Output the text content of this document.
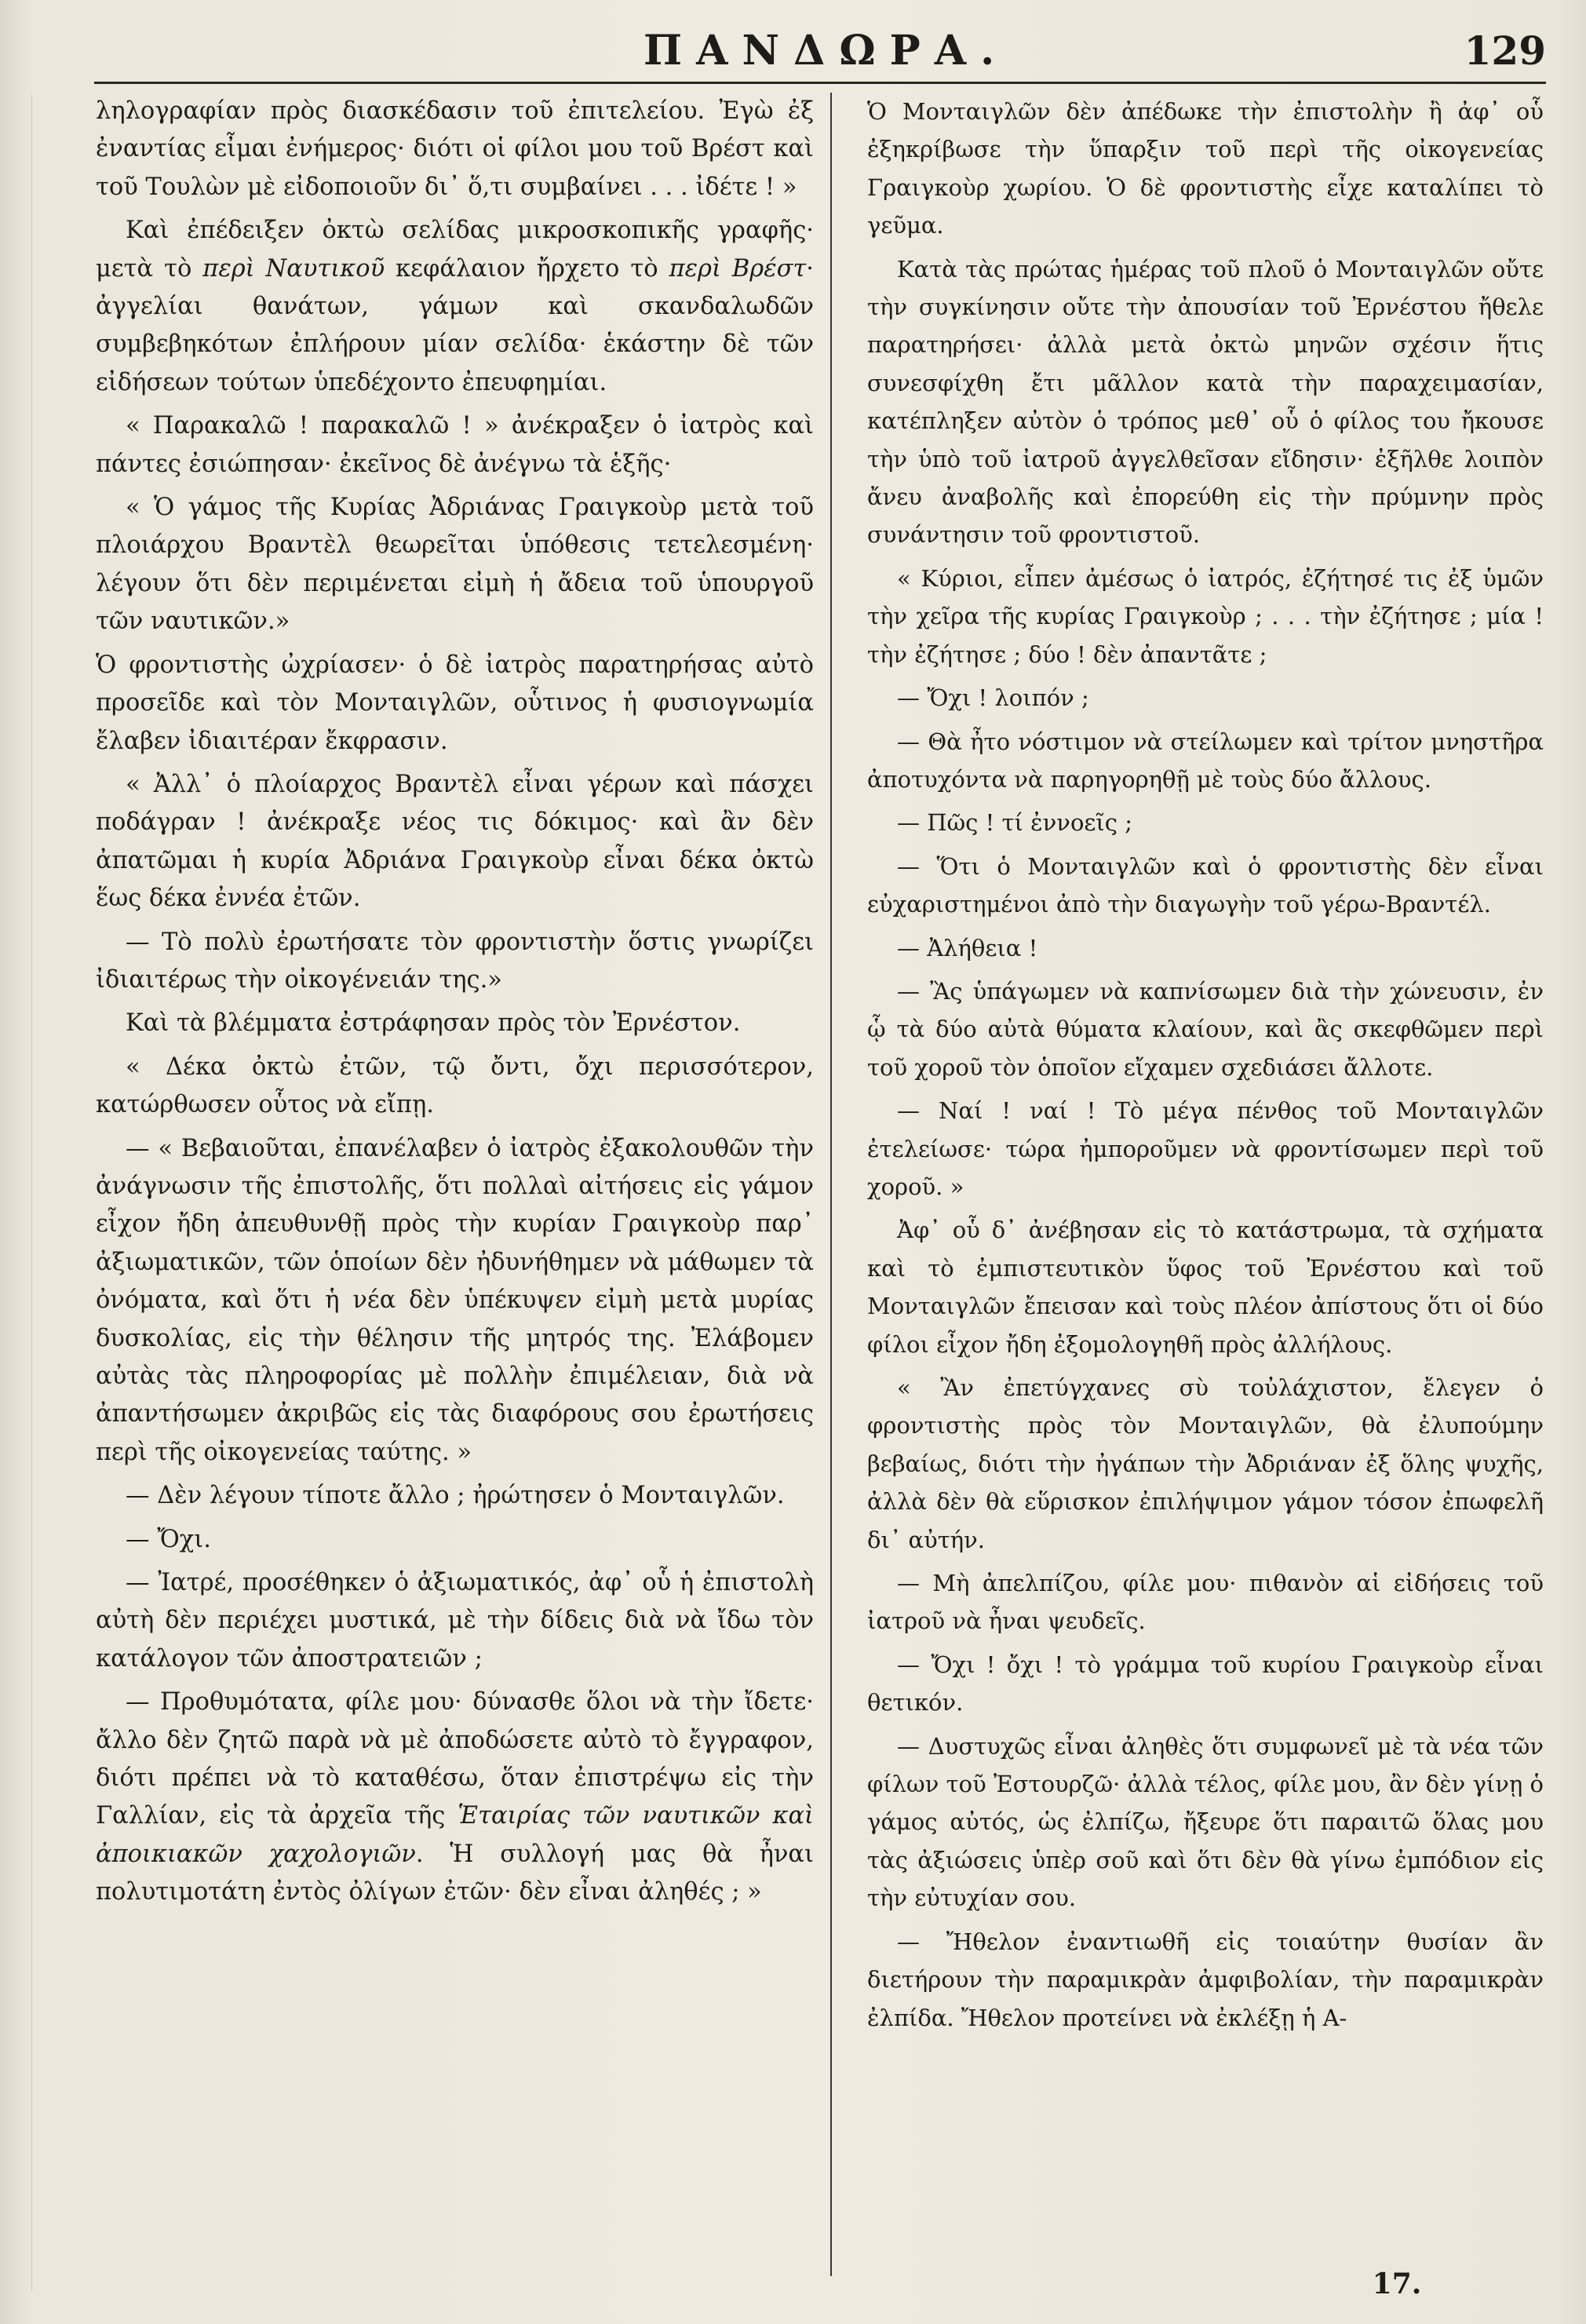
ΠΑΝΔΩΡΑ.	129

ληλογραφίαν πρὸς διασκέδασιν τοῦ ἐπιτελείου. Ἐγὼ ἐξ ἐναντίας εἶμαι ἐνήμερος· διότι οἱ φίλοι μου τοῦ Βρέστ καὶ τοῦ Τουλὼν μὲ εἰδοποιοῦν δι᾽ ὅ,τι συμβαίνει . . . ἰδέτε ! »

Καὶ ἐπέδειξεν ὀκτὼ σελίδας μικροσκοπικῆς γραφῆς· μετὰ τὸ περὶ Ναυτικοῦ κεφάλαιον ἤρχετο τὸ περὶ Βρέστ· ἀγγελίαι θανάτων, γάμων καὶ σκανδαλωδῶν συμβεβηκότων ἐπλήρουν μίαν σελίδα· ἑκάστην δὲ τῶν εἰδήσεων τούτων ὑπεδέχοντο ἐπευφημίαι.

« Παρακαλῶ ! παρακαλῶ ! » ἀνέκραξεν ὁ ἰατρὸς καὶ πάντες ἐσιώπησαν· ἐκεῖνος δὲ ἀνέγνω τὰ ἑξῆς·

« Ὁ γάμος τῆς Κυρίας Ἀδριάνας Γραιγκοὺρ μετὰ τοῦ πλοιάρχου Βραντὲλ θεωρεῖται ὑπόθεσις τετελεσμένη· λέγουν ὅτι δὲν περιμένεται εἰμὴ ἡ ἄδεια τοῦ ὑπουργοῦ τῶν ναυτικῶν.»

Ὁ φροντιστὴς ὠχρίασεν· ὁ δὲ ἰατρὸς παρατηρήσας αὐτὸ προσεῖδε καὶ τὸν Μονταιγλῶν, οὗτινος ἡ φυσιογνωμία ἔλαβεν ἰδιαιτέραν ἔκφρασιν.

« Ἀλλ᾽ ὁ πλοίαρχος Βραντὲλ εἶναι γέρων καὶ πάσχει ποδάγραν ! ἀνέκραξε νέος τις δόκιμος· καὶ ἂν δὲν ἀπατῶμαι ἡ κυρία Ἀδριάνα Γραιγκοὺρ εἶναι δέκα ὀκτὼ ἕως δέκα ἐννέα ἐτῶν.

— Τὸ πολὺ ἐρωτήσατε τὸν φροντιστὴν ὅστις γνωρίζει ἰδιαιτέρως τὴν οἰκογένειάν της.»

Καὶ τὰ βλέμματα ἐστράφησαν πρὸς τὸν Ἐρνέστον.

« Δέκα ὀκτὼ ἐτῶν, τῷ ὄντι, ὄχι περισσότερον, κατώρθωσεν οὗτος νὰ εἴπῃ.

— « Βεβαιοῦται, ἐπανέλαβεν ὁ ἰατρὸς ἐξακολουθῶν τὴν ἀνάγνωσιν τῆς ἐπιστολῆς, ὅτι πολλαὶ αἰτήσεις εἰς γάμον εἶχον ἤδη ἀπευθυνθῇ πρὸς τὴν κυρίαν Γραιγκοὺρ παρ᾽ ἀξιωματικῶν, τῶν ὁποίων δὲν ἠδυνήθημεν νὰ μάθωμεν τὰ ὀνόματα, καὶ ὅτι ἡ νέα δὲν ὑπέκυψεν εἰμὴ μετὰ μυρίας δυσκολίας, εἰς τὴν θέλησιν τῆς μητρός της. Ἐλάβομεν αὐτὰς τὰς πληροφορίας μὲ πολλὴν ἐπιμέλειαν, διὰ νὰ ἀπαντήσωμεν ἀκριβῶς εἰς τὰς διαφόρους σου ἐρωτήσεις περὶ τῆς οἰκογενείας ταύτης. »

— Δὲν λέγουν τίποτε ἄλλο ; ἠρώτησεν ὁ Μονταιγλῶν.

— Ὄχι.

— Ἰατρέ, προσέθηκεν ὁ ἀξιωματικός, ἀφ᾽ οὗ ἡ ἐπιστολὴ αὐτὴ δὲν περιέχει μυστικά, μὲ τὴν δίδεις διὰ νὰ ἴδω τὸν κατάλογον τῶν ἀποστρατειῶν ;

— Προθυμότατα, φίλε μου· δύνασθε ὅλοι νὰ τὴν ἴδετε· ἄλλο δὲν ζητῶ παρὰ νὰ μὲ ἀποδώσετε αὐτὸ τὸ ἔγγραφον, διότι πρέπει νὰ τὸ καταθέσω, ὅταν ἐπιστρέψω εἰς τὴν Γαλλίαν, εἰς τὰ ἀρχεῖα τῆς Ἑταιρίας τῶν ναυτικῶν καὶ ἀποικιακῶν χαχολογιῶν. Ἡ συλλογή μας θὰ ἦναι πολυτιμοτάτη ἐντὸς ὀλίγων ἐτῶν· δὲν εἶναι ἀληθές ; »

Ὁ Μονταιγλῶν δὲν ἀπέδωκε τὴν ἐπιστολὴν ἢ ἀφ᾽ οὗ ἐξηκρίβωσε τὴν ὕπαρξιν τοῦ περὶ τῆς οἰκογενείας Γραιγκοὺρ χωρίου. Ὁ δὲ φροντιστὴς εἶχε καταλίπει τὸ γεῦμα.

Κατὰ τὰς πρώτας ἡμέρας τοῦ πλοῦ ὁ Μονταιγλῶν οὔτε τὴν συγκίνησιν οὔτε τὴν ἀπουσίαν τοῦ Ἐρνέστου ἤθελε παρατηρήσει· ἀλλὰ μετὰ ὀκτὼ μηνῶν σχέσιν ἥτις συνεσφίχθη ἔτι μᾶλλον κατὰ τὴν παραχειμασίαν, κατέπληξεν αὐτὸν ὁ τρόπος μεθ᾽ οὗ ὁ φίλος του ἤκουσε τὴν ὑπὸ τοῦ ἰατροῦ ἀγγελθεῖσαν εἴδησιν· ἐξῆλθε λοιπὸν ἄνευ ἀναβολῆς καὶ ἐπορεύθη εἰς τὴν πρύμνην πρὸς συνάντησιν τοῦ φροντιστοῦ.

« Κύριοι, εἶπεν ἀμέσως ὁ ἰατρός, ἐζήτησέ τις ἐξ ὑμῶν τὴν χεῖρα τῆς κυρίας Γραιγκοὺρ ; . . . τὴν ἐζήτησε ; μία ! τὴν ἐζήτησε ; δύο ! δὲν ἀπαντᾶτε ;

— Ὄχι ! λοιπόν ;

— Θὰ ἦτο νόστιμον νὰ στείλωμεν καὶ τρίτον μνηστῆρα ἀποτυχόντα νὰ παρηγορηθῇ μὲ τοὺς δύο ἄλλους.

— Πῶς ! τί ἐννοεῖς ;

— Ὅτι ὁ Μονταιγλῶν καὶ ὁ φροντιστὴς δὲν εἶναι εὐχαριστημένοι ἀπὸ τὴν διαγωγὴν τοῦ γέρω-Βραντέλ.

— Ἀλήθεια !

— Ἂς ὑπάγωμεν νὰ καπνίσωμεν διὰ τὴν χώνευσιν, ἐν ᾧ τὰ δύο αὐτὰ θύματα κλαίουν, καὶ ἂς σκεφθῶμεν περὶ τοῦ χοροῦ τὸν ὁποῖον εἴχαμεν σχεδιάσει ἄλλοτε.

— Ναί ! ναί ! Τὸ μέγα πένθος τοῦ Μονταιγλῶν ἐτελείωσε· τώρα ἠμποροῦμεν νὰ φροντίσωμεν περὶ τοῦ χοροῦ. »

Ἀφ᾽ οὗ δ᾽ ἀνέβησαν εἰς τὸ κατάστρωμα, τὰ σχήματα καὶ τὸ ἐμπιστευτικὸν ὕφος τοῦ Ἐρνέστου καὶ τοῦ Μονταιγλῶν ἔπεισαν καὶ τοὺς πλέον ἀπίστους ὅτι οἱ δύο φίλοι εἶχον ἤδη ἐξομολογηθῆ πρὸς ἀλλήλους.

« Ἂν ἐπετύγχανες σὺ τοὐλάχιστον, ἔλεγεν ὁ φροντιστὴς πρὸς τὸν Μονταιγλῶν, θὰ ἐλυπούμην βεβαίως, διότι τὴν ἠγάπων τὴν Ἀδριάναν ἐξ ὅλης ψυχῆς, ἀλλὰ δὲν θὰ εὕρισκον ἐπιλήψιμον γάμον τόσον ἐπωφελῆ δι᾽ αὐτήν.

— Μὴ ἀπελπίζου, φίλε μου· πιθανὸν αἱ εἰδήσεις τοῦ ἰατροῦ νὰ ἦναι ψευδεῖς.

— Ὄχι ! ὄχι ! τὸ γράμμα τοῦ κυρίου Γραιγκοὺρ εἶναι θετικόν.

— Δυστυχῶς εἶναι ἀληθὲς ὅτι συμφωνεῖ μὲ τὰ νέα τῶν φίλων τοῦ Ἐστουρζῶ· ἀλλὰ τέλος, φίλε μου, ἂν δὲν γίνῃ ὁ γάμος αὐτός, ὡς ἐλπίζω, ἤξευρε ὅτι παραιτῶ ὅλας μου τὰς ἀξιώσεις ὑπὲρ σοῦ καὶ ὅτι δὲν θὰ γίνω ἐμπόδιον εἰς τὴν εὐτυχίαν σου.

— Ἤθελον ἐναντιωθῆ εἰς τοιαύτην θυσίαν ἂν διετήρουν τὴν παραμικρὰν ἀμφιβολίαν, τὴν παραμικρὰν ἐλπίδα. Ἤθελον προτείνει νὰ ἐκλέξῃ ἡ Α-

17.
